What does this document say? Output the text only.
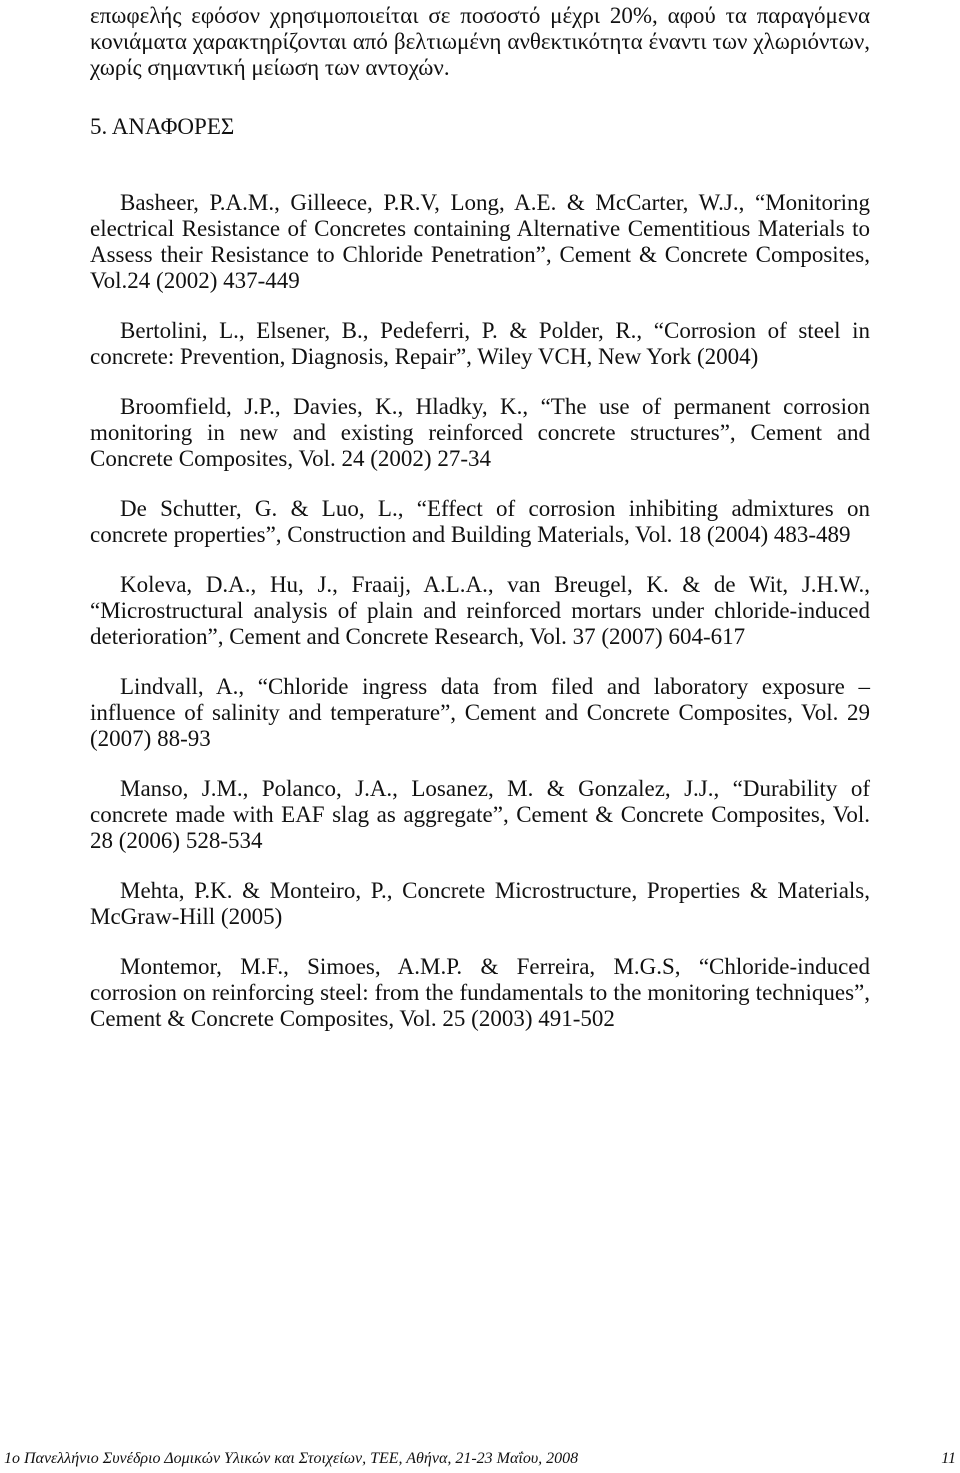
επωφελής εφόσον χρησιμοποιείται σε ποσοστό μέχρι 20%, αφού τα παραγόμενα κονιάματα χαρακτηρίζονται από βελτιωμένη ανθεκτικότητα έναντι των χλωριόντων, χωρίς σημαντική μείωση των αντοχών.

5. ΑΝΑΦΟΡΕΣ
Basheer, P.A.M., Gilleece, P.R.V, Long, A.E. & McCarter, W.J., “Monitoring electrical Resistance of Concretes containing Alternative Cementitious Materials to Assess their Resistance to Chloride Penetration”, Cement & Concrete Composites, Vol.24 (2002) 437-449
Bertolini, L., Elsener, B., Pedeferri, P. & Polder, R., “Corrosion of steel in concrete: Prevention, Diagnosis, Repair”, Wiley VCH, New York (2004)
Broomfield, J.P., Davies, K., Hladky, K., “The use of permanent corrosion monitoring in new and existing reinforced concrete structures”, Cement and Concrete Composites, Vol. 24 (2002) 27-34
De Schutter, G. & Luo, L., “Effect of corrosion inhibiting admixtures on concrete properties”, Construction and Building Materials, Vol. 18 (2004) 483-489
Koleva, D.A., Hu, J., Fraaij, A.L.A., van Breugel, K. & de Wit, J.H.W., “Microstructural analysis of plain and reinforced mortars under chloride-induced deterioration”, Cement and Concrete Research, Vol. 37 (2007) 604-617
Lindvall, A., “Chloride ingress data from filed and laboratory exposure – influence of salinity and temperature”, Cement and Concrete Composites, Vol. 29 (2007) 88-93
Manso, J.M., Polanco, J.A., Losanez, M. & Gonzalez, J.J., “Durability of concrete made with EAF slag as aggregate”, Cement & Concrete Composites, Vol. 28 (2006) 528-534
Mehta, P.K. & Monteiro, P., Concrete Microstructure, Properties & Materials, McGraw-Hill (2005)
Montemor, M.F., Simoes, A.M.P. & Ferreira, M.G.S, “Chloride-induced corrosion on reinforcing steel: from the fundamentals to the monitoring techniques”, Cement & Concrete Composites, Vol. 25 (2003) 491-502
1ο Πανελλήνιο Συνέδριο Δομικών Υλικών και Στοιχείων, ΤΕΕ, Αθήνα, 21-23 Μαΐου, 2008	11
